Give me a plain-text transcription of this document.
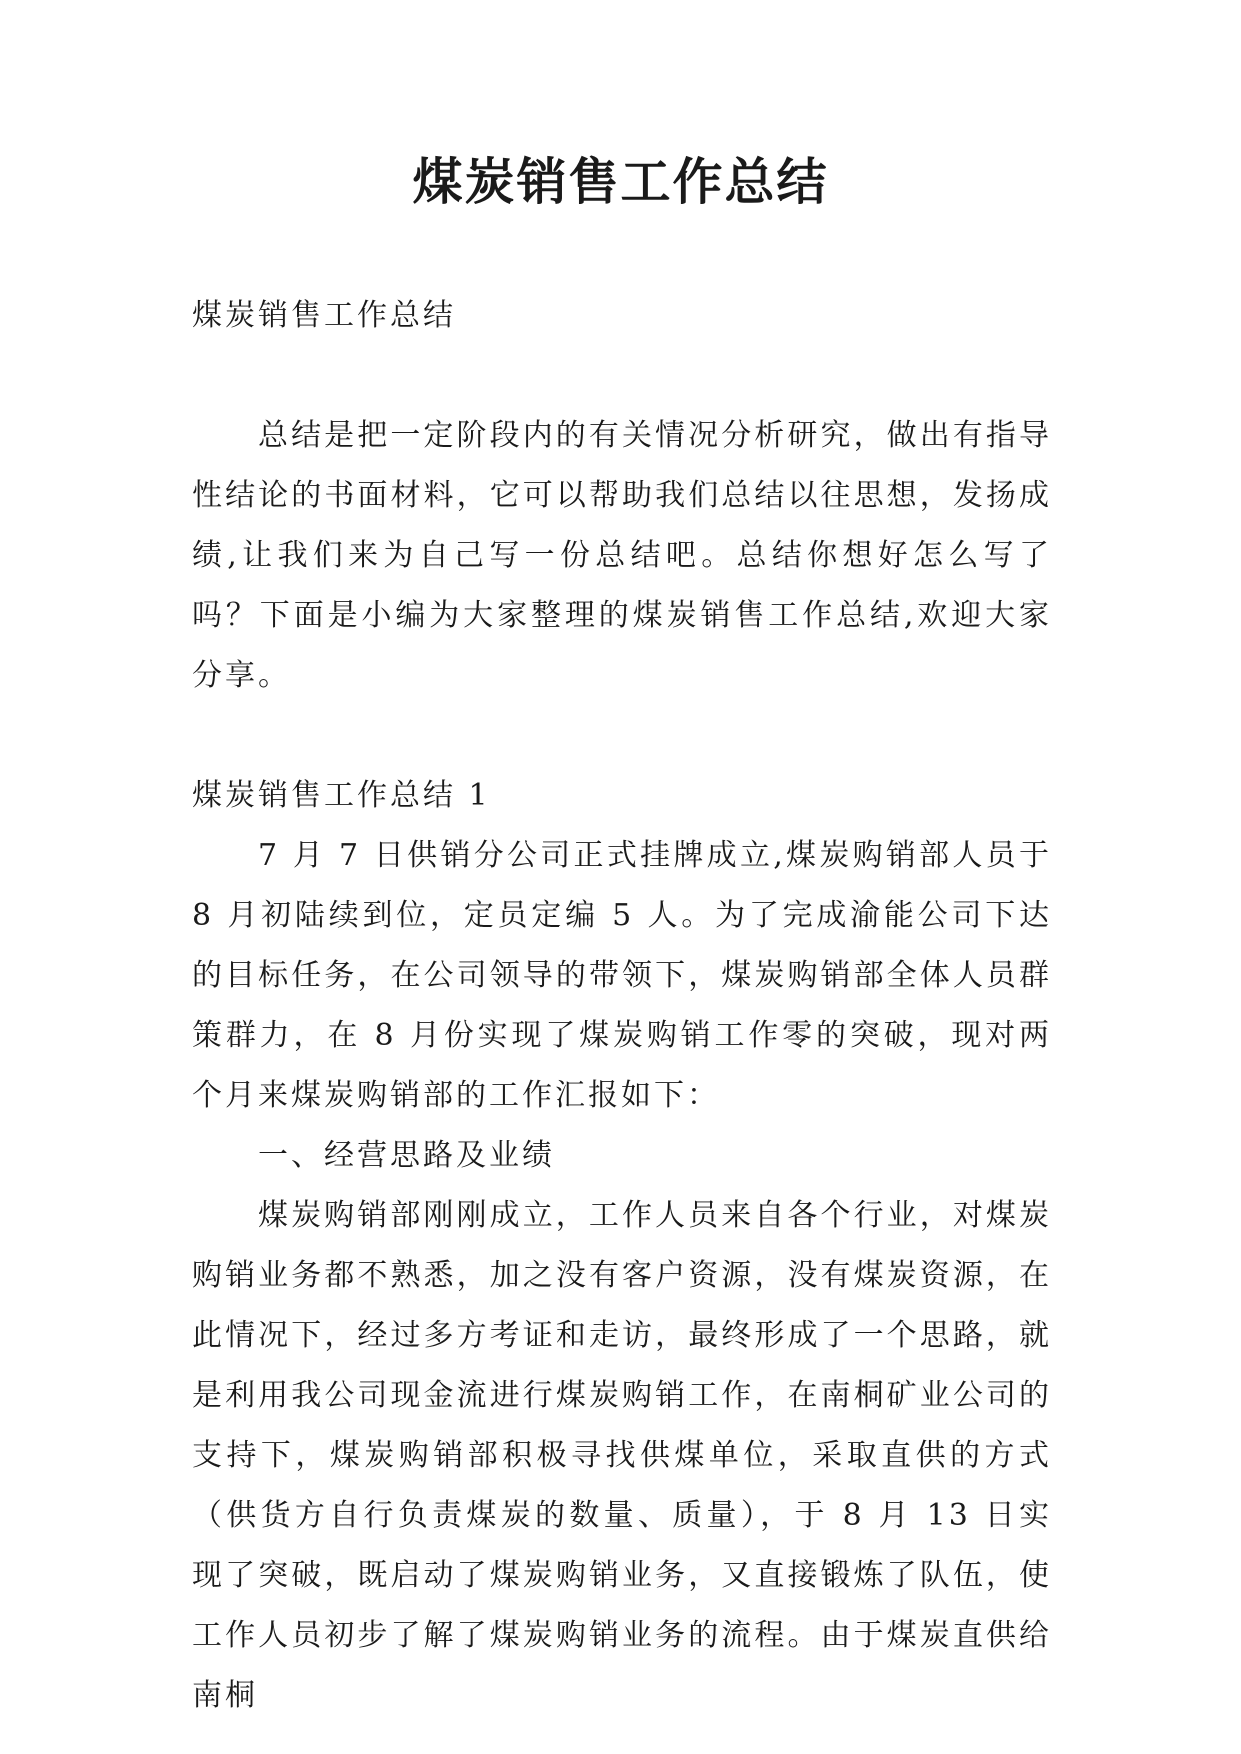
煤炭销售工作总结

煤炭销售工作总结

总结是把一定阶段内的有关情况分析研究，做出有指导性结论的书面材料，它可以帮助我们总结以往思想，发扬成绩,让我们来为自己写一份总结吧。总结你想好怎么写了吗？下面是小编为大家整理的煤炭销售工作总结,欢迎大家分享。

煤炭销售工作总结 1

7 月 7 日供销分公司正式挂牌成立,煤炭购销部人员于 8 月初陆续到位，定员定编 5 人。为了完成渝能公司下达的目标任务，在公司领导的带领下，煤炭购销部全体人员群策群力，在 8 月份实现了煤炭购销工作零的突破，现对两个月来煤炭购销部的工作汇报如下：

一、经营思路及业绩

煤炭购销部刚刚成立，工作人员来自各个行业，对煤炭购销业务都不熟悉，加之没有客户资源，没有煤炭资源，在此情况下，经过多方考证和走访，最终形成了一个思路，就是利用我公司现金流进行煤炭购销工作，在南桐矿业公司的支持下，煤炭购销部积极寻找供煤单位，采取直供的方式（供货方自行负责煤炭的数量、质量），于 8 月 13 日实现了突破，既启动了煤炭购销业务，又直接锻炼了队伍，使工作人员初步了解了煤炭购销业务的流程。由于煤炭直供给南桐
